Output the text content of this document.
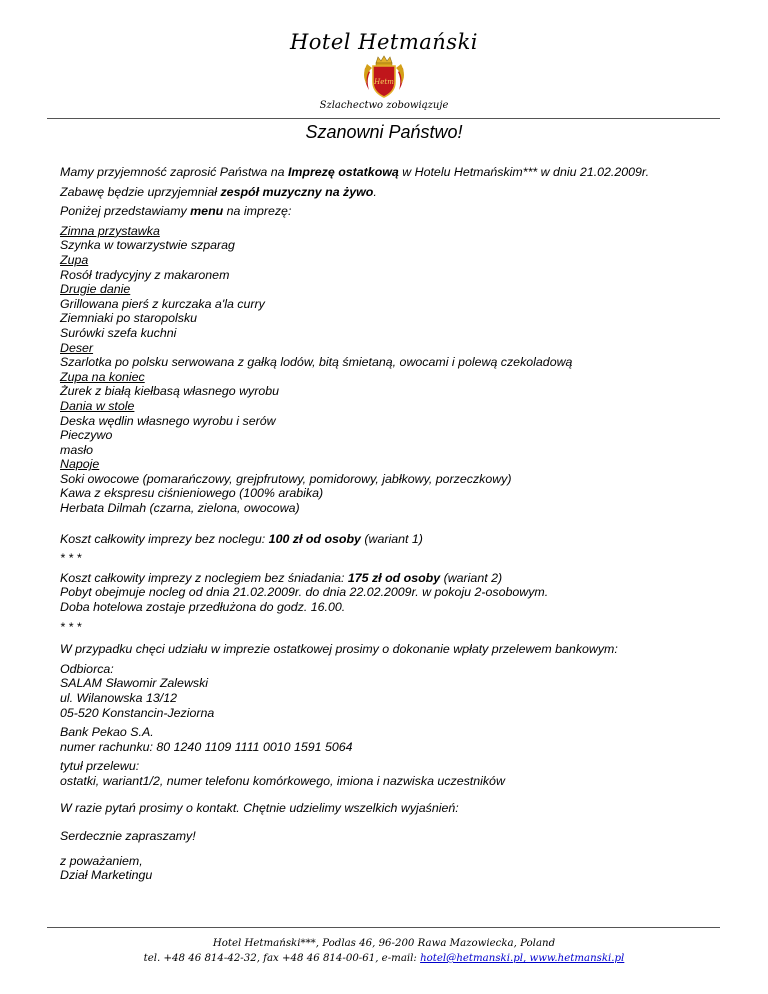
Hotel Hetmański
Hetm
Szlachectwo zobowiązuje
Szanowni Państwo!

Mamy przyjemność zaprosić Państwa na Imprezę ostatkową w Hotelu Hetmańskim*** w dniu 21.02.2009r.

Zabawę będzie uprzyjemniał zespół muzyczny na żywo.

Poniżej przedstawiamy menu na imprezę:

Zimna przystawka

Szynka w towarzystwie szparag

Zupa

Rosół tradycyjny z makaronem

Drugie danie

Grillowana pierś z kurczaka a'la curry

Ziemniaki po staropolsku

Surówki szefa kuchni

Deser

Szarlotka po polsku serwowana z gałką lodów, bitą śmietaną, owocami i polewą czekoladową

Zupa na koniec

Żurek z białą kiełbasą własnego wyrobu

Dania w stole

Deska wędlin własnego wyrobu i serów

Pieczywo

masło

Napoje

Soki owocowe (pomarańczowy, grejpfrutowy, pomidorowy, jabłkowy, porzeczkowy)

Kawa z ekspresu ciśnieniowego (100% arabika)

Herbata Dilmah (czarna, zielona, owocowa)

Koszt całkowity imprezy bez noclegu: 100 zł od osoby (wariant 1)

* * *

Koszt całkowity imprezy z noclegiem bez śniadania: 175 zł od osoby (wariant 2)

Pobyt obejmuje nocleg od dnia 21.02.2009r. do dnia 22.02.2009r. w pokoju 2-osobowym.

Doba hotelowa zostaje przedłużona do godz. 16.00.

* * *

W przypadku chęci udziału w imprezie ostatkowej prosimy o dokonanie wpłaty przelewem bankowym:

Odbiorca:

SALAM Sławomir Zalewski

ul. Wilanowska 13/12

05-520 Konstancin-Jeziorna

Bank Pekao S.A.

numer rachunku: 80 1240 1109 1111 0010 1591 5064

tytuł przelewu:

ostatki, wariant1/2, numer telefonu komórkowego, imiona i nazwiska uczestników

W razie pytań prosimy o kontakt. Chętnie udzielimy wszelkich wyjaśnień:

Serdecznie zapraszamy!

z poważaniem,

Dział Marketingu

Hotel Hetmański***, Podlas 46, 96-200 Rawa Mazowiecka, Poland
tel. +48 46 814-42-32, fax +48 46 814-00-61, e-mail: hotel@hetmanski.pl, www.hetmanski.pl
